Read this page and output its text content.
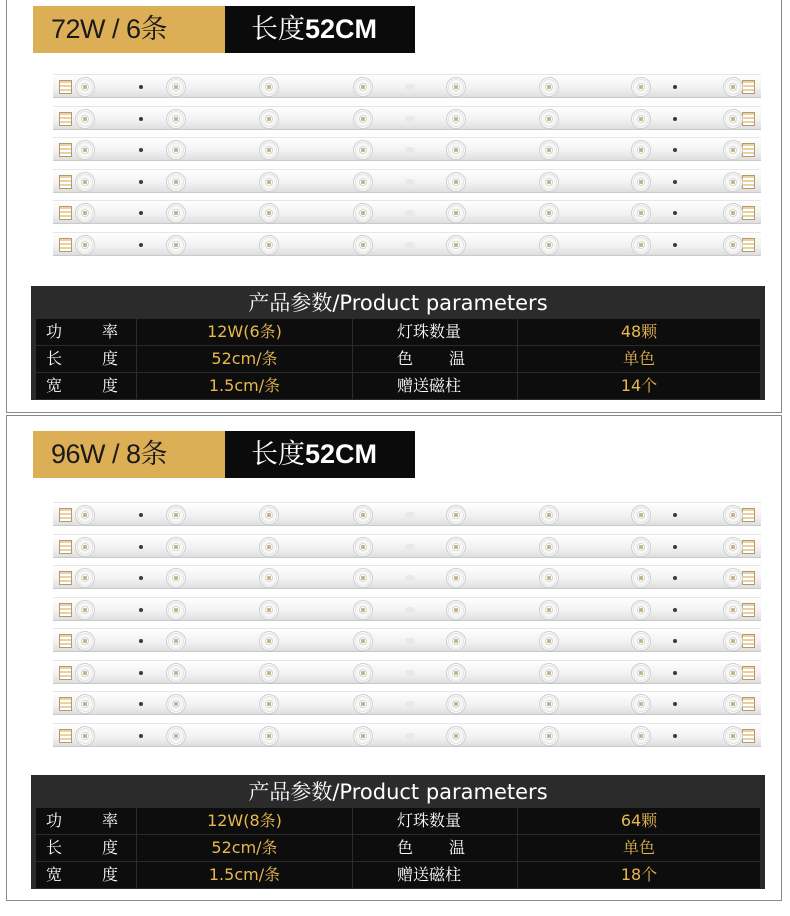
72W / 6条	长度52CM
产品参数/Product parameters
功 率	12W(6条)	灯珠数量	48颗
长 度	52cm/条	色 温	单色
宽 度	1.5cm/条	赠送磁柱	14个
96W / 8条	长度52CM
产品参数/Product parameters
功 率	12W(8条)	灯珠数量	64颗
长 度	52cm/条	色 温	单色
宽 度	1.5cm/条	赠送磁柱	18个
